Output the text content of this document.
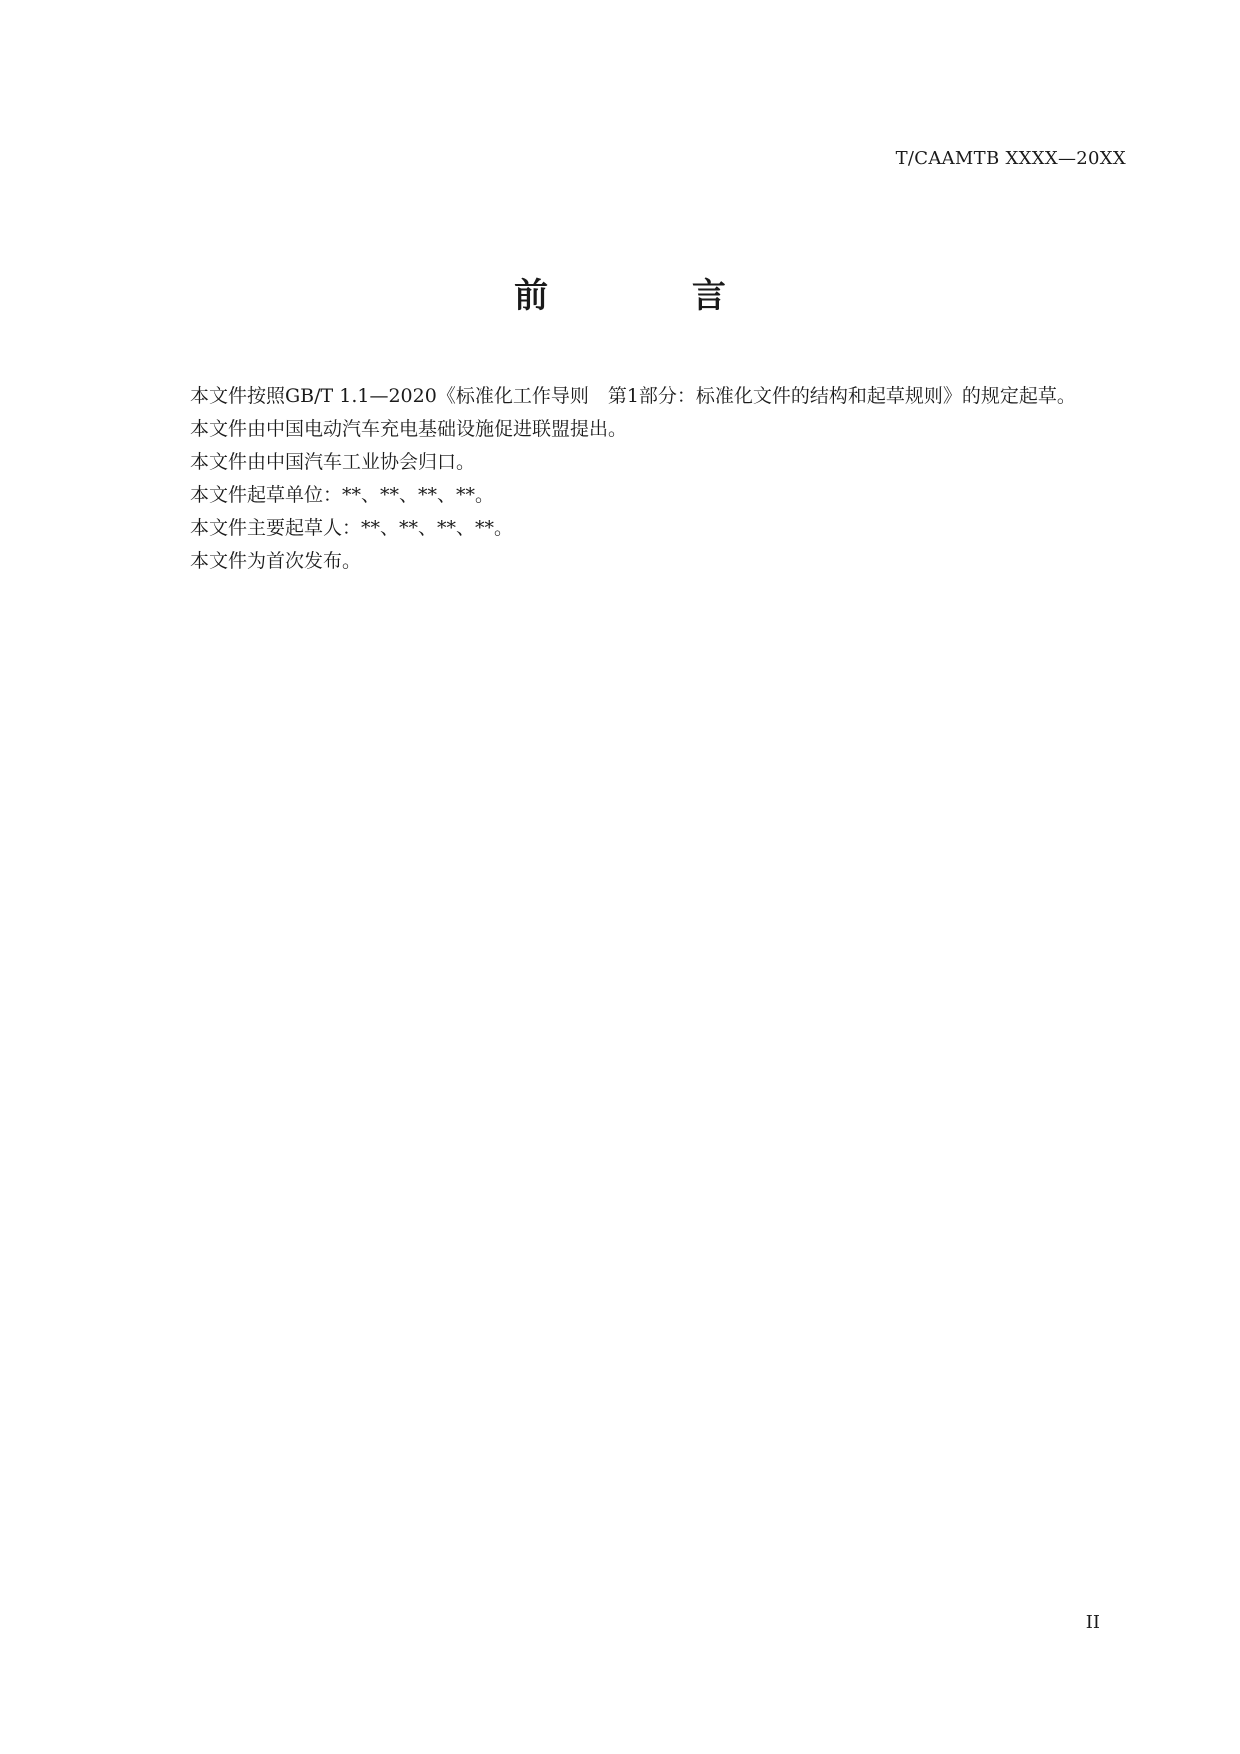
T/CAAMTB XXXX—20XX
前 言

本文件按照GB/T 1.1—2020《标准化工作导则　第1部分：标准化文件的结构和起草规则》的规定起草。

本文件由中国电动汽车充电基础设施促进联盟提出。

本文件由中国汽车工业协会归口。

本文件起草单位：**、**、**、**。

本文件主要起草人：**、**、**、**。

本文件为首次发布。

II
